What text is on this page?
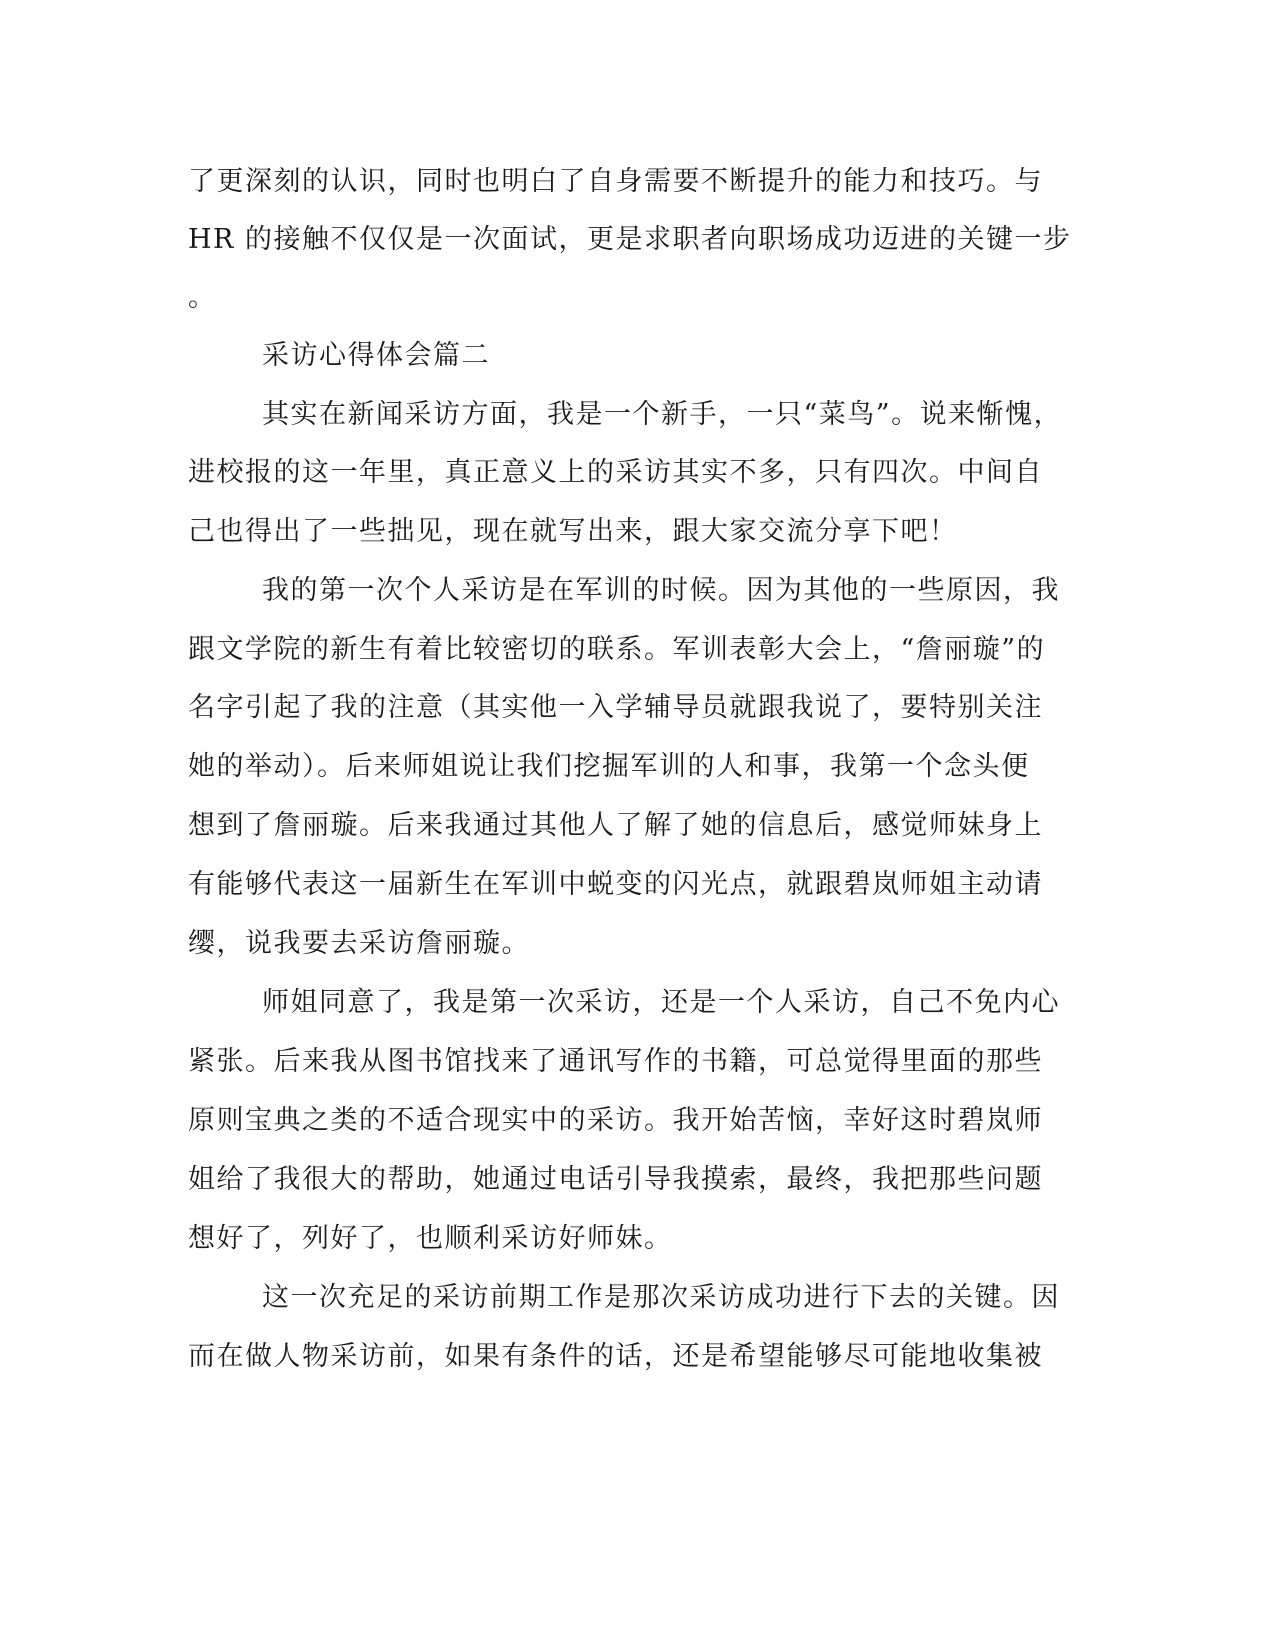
了更深刻的认识，同时也明白了自身需要不断提升的能力和技巧。与
HR 的接触不仅仅是一次面试，更是求职者向职场成功迈进的关键一步
。
采访心得体会篇二
其实在新闻采访方面，我是一个新手，一只“菜鸟”。说来惭愧，
进校报的这一年里，真正意义上的采访其实不多，只有四次。中间自
己也得出了一些拙见，现在就写出来，跟大家交流分享下吧！
我的第一次个人采访是在军训的时候。因为其他的一些原因，我
跟文学院的新生有着比较密切的联系。军训表彰大会上，“詹丽璇”的
名字引起了我的注意（其实他一入学辅导员就跟我说了，要特别关注
她的举动）。后来师姐说让我们挖掘军训的人和事，我第一个念头便
想到了詹丽璇。后来我通过其他人了解了她的信息后，感觉师妹身上
有能够代表这一届新生在军训中蜕变的闪光点，就跟碧岚师姐主动请
缨，说我要去采访詹丽璇。
师姐同意了，我是第一次采访，还是一个人采访，自己不免内心
紧张。后来我从图书馆找来了通讯写作的书籍，可总觉得里面的那些
原则宝典之类的不适合现实中的采访。我开始苦恼，幸好这时碧岚师
姐给了我很大的帮助，她通过电话引导我摸索，最终，我把那些问题
想好了，列好了，也顺利采访好师妹。
这一次充足的采访前期工作是那次采访成功进行下去的关键。因
而在做人物采访前，如果有条件的话，还是希望能够尽可能地收集被
